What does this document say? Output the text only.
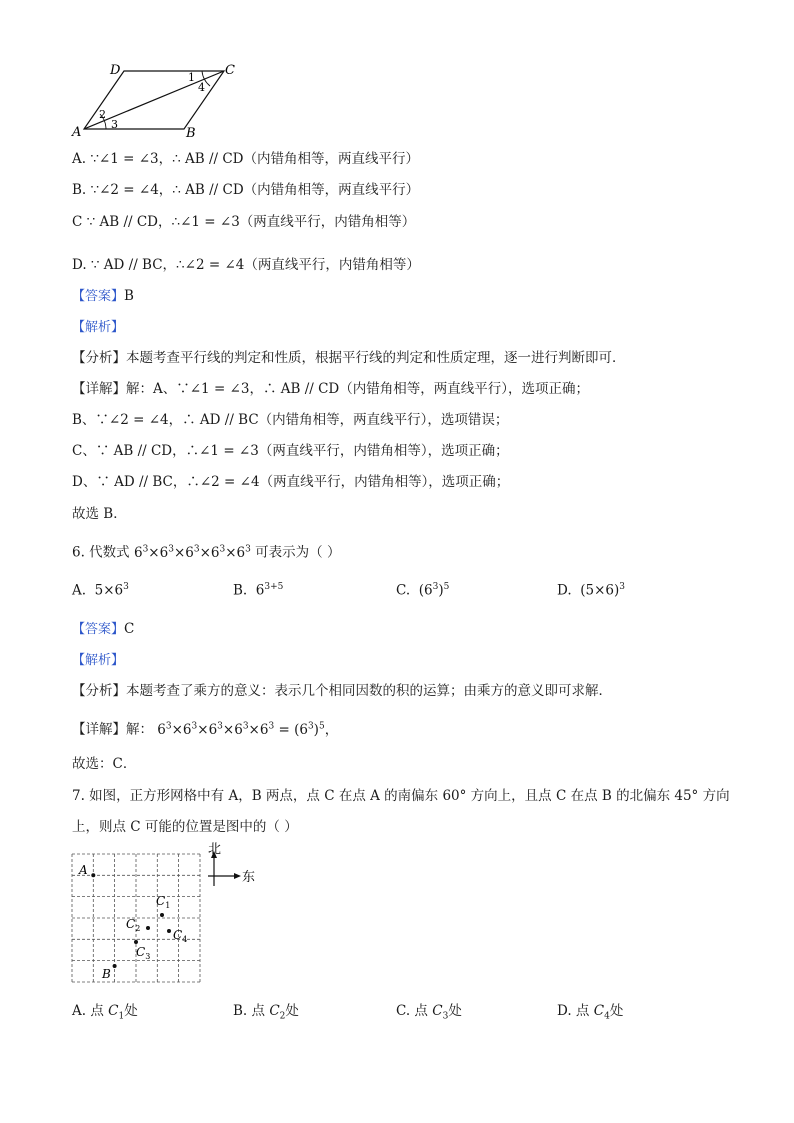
D	C
A	B
1
2
3
4
A. ∵∠1 = ∠3，∴ AB // CD（内错角相等，两直线平行）
B. ∵∠2 = ∠4，∴ AB // CD（内错角相等，两直线平行）
C ∵ AB // CD，∴∠1 = ∠3（两直线平行，内错角相等）
D. ∵ AD // BC，∴∠2 = ∠4（两直线平行，内错角相等）
【答案】B
【解析】
【分析】本题考查平行线的判定和性质，根据平行线的判定和性质定理，逐一进行判断即可．
【详解】解：A、∵∠1 = ∠3，∴ AB // CD（内错角相等，两直线平行），选项正确；
B、∵∠2 = ∠4，∴ AD // BC（内错角相等，两直线平行），选项错误；
C、∵ AB // CD，∴∠1 = ∠3（两直线平行，内错角相等），选项正确；
D、∵ AD // BC，∴∠2 = ∠4（两直线平行，内错角相等），选项正确；
故选 B．
6. 代数式 $6^3\times 6^3\times 6^3\times 6^3\times 6^3$ 可表示为（ ）
A.  $5\times 6^3$	B.  $6^{3+5}$	C.  $(6^3)^5$	D.  $(5\times 6)^3$
【答案】C
【解析】
【分析】本题考查了乘方的意义：表示几个相同因数的积的运算；由乘方的意义即可求解．
【详解】解： $6^3\times 6^3\times 6^3\times 6^3\times 6^3 = (6^3)^5$，
故选：C．
7. 如图，正方形网格中有 A，B 两点，点 C 在点 A 的南偏东 60° 方向上，且点 C 在点 B 的北偏东 45° 方向
上，则点 C 可能的位置是图中的（ ）
北
东
A
B
$C_1$
$C_2$
$C_3$
$C_4$
A. 点 $C_1$处	B. 点 $C_2$处	C. 点 $C_3$处	D. 点 $C_4$处
